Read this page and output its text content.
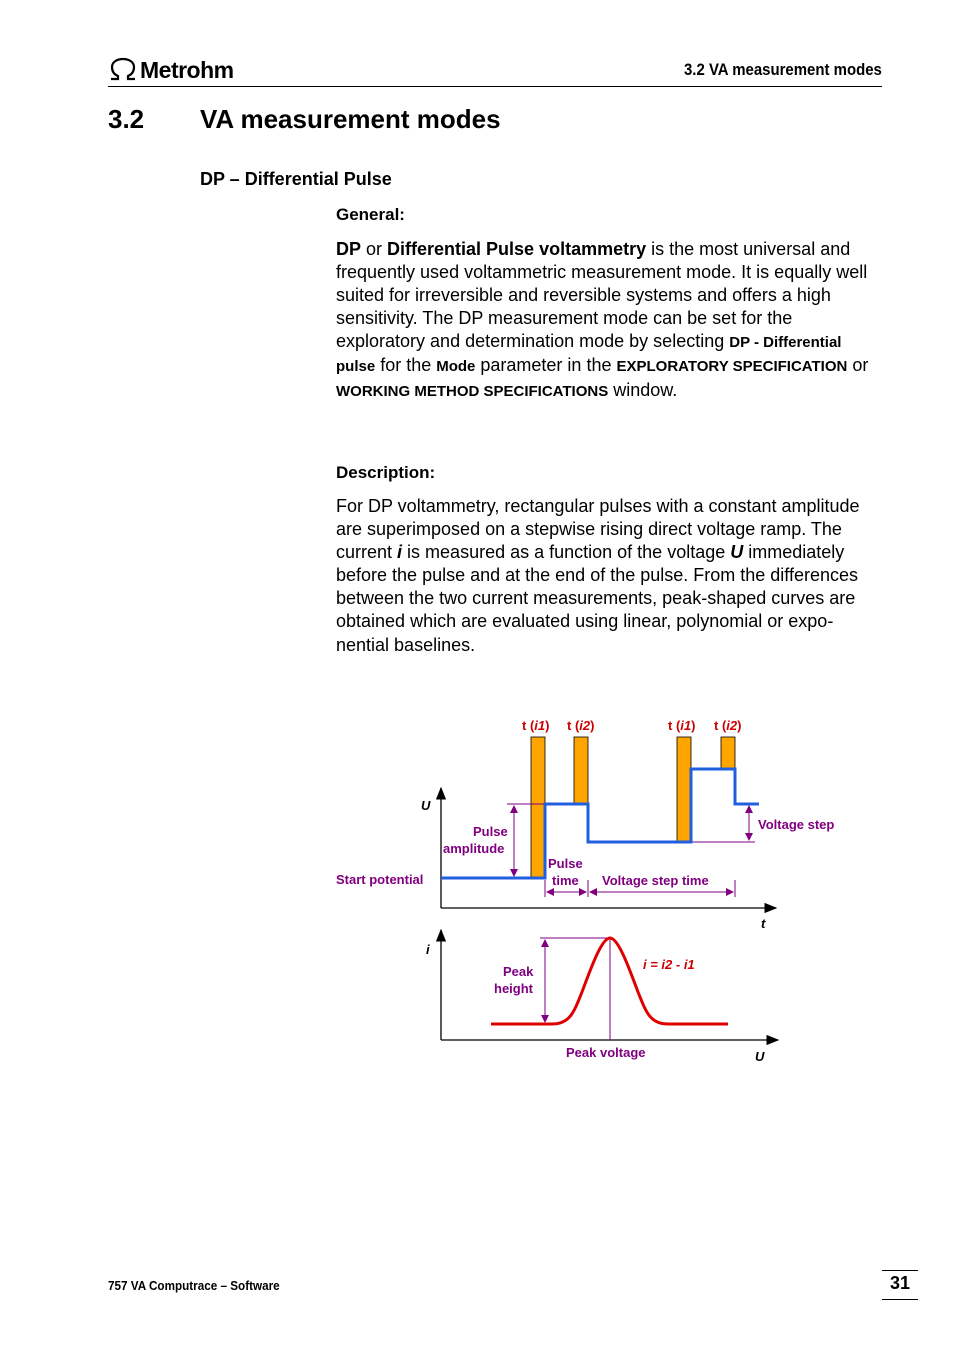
Metrohm	3.2 VA measurement modes
3.2 VA measurement modes
DP – Differential Pulse
General:
DP or Differential Pulse voltammetry is the most universal and frequently used voltammetric measurement mode. It is equally well suited for irreversible and reversible systems and offers a high sensitivity. The DP measurement mode can be set for the exploratory and determination mode by selecting DP - Differential pulse for the Mode parameter in the EXPLORATORY SPECIFICATION or WORKING METHOD SPECIFICATIONS window.
Description:
For DP voltammetry, rectangular pulses with a constant amplitude are superimposed on a stepwise rising direct voltage ramp. The current i is measured as a function of the voltage U immediately before the pulse and at the end of the pulse. From the differences between the two current measurements, peak-shaped curves are obtained which are evaluated using linear, polynomial or expo-nential baselines.
t (i1) t (i2)	t (i1) t (i2)
U
t
Pulse
amplitude
Start potential
Pulse
time Voltage step time
Voltage step
i
U
Peak
height
i = i2 - i1
Peak voltage
757 VA Computrace – Software	31
